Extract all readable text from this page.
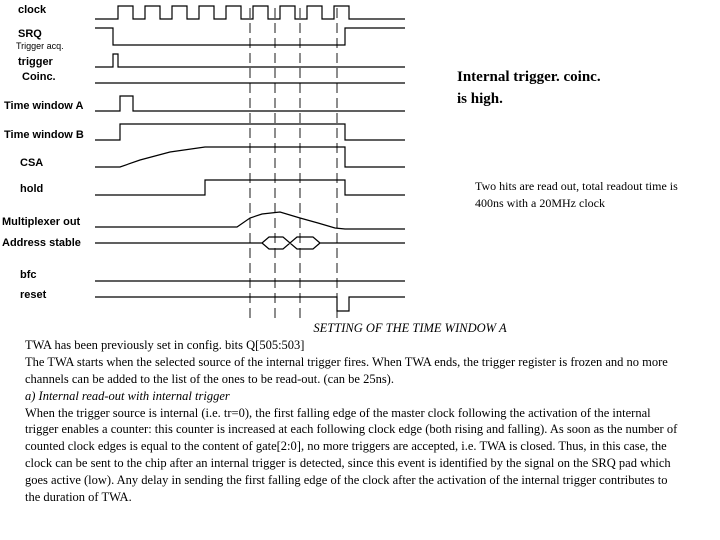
clock
SRQ
Trigger acq.
trigger
Coinc.
Time window A
Time window B
CSA
hold
Multiplexer out
Address stable
bfc
reset

Internal trigger. coinc.
is high.

Two hits are read out, total readout time is 400ns with a 20MHz clock

SETTING OF THE TIME WINDOW A

TWA has been previously set in config. bits Q[505:503]

The TWA starts when the selected source of the internal trigger fires. When TWA ends, the trigger register is frozen and no more channels can be added to the list of the ones to be read-out. (can be 25ns).

a) Internal read-out with internal trigger

When the trigger source is internal (i.e. tr=0), the first falling edge of the master clock following the activation of the internal trigger enables a counter: this counter is increased at each following clock edge (both rising and falling). As soon as the number of counted clock edges is equal to the content of gate[2:0], no more triggers are accepted, i.e. TWA is closed. Thus, in this case, the clock can be sent to the chip after an internal trigger is detected, since this event is identified by the signal on the SRQ pad which goes active (low). Any delay in sending the first falling edge of the clock after the activation of the internal trigger contributes to the duration of TWA.
